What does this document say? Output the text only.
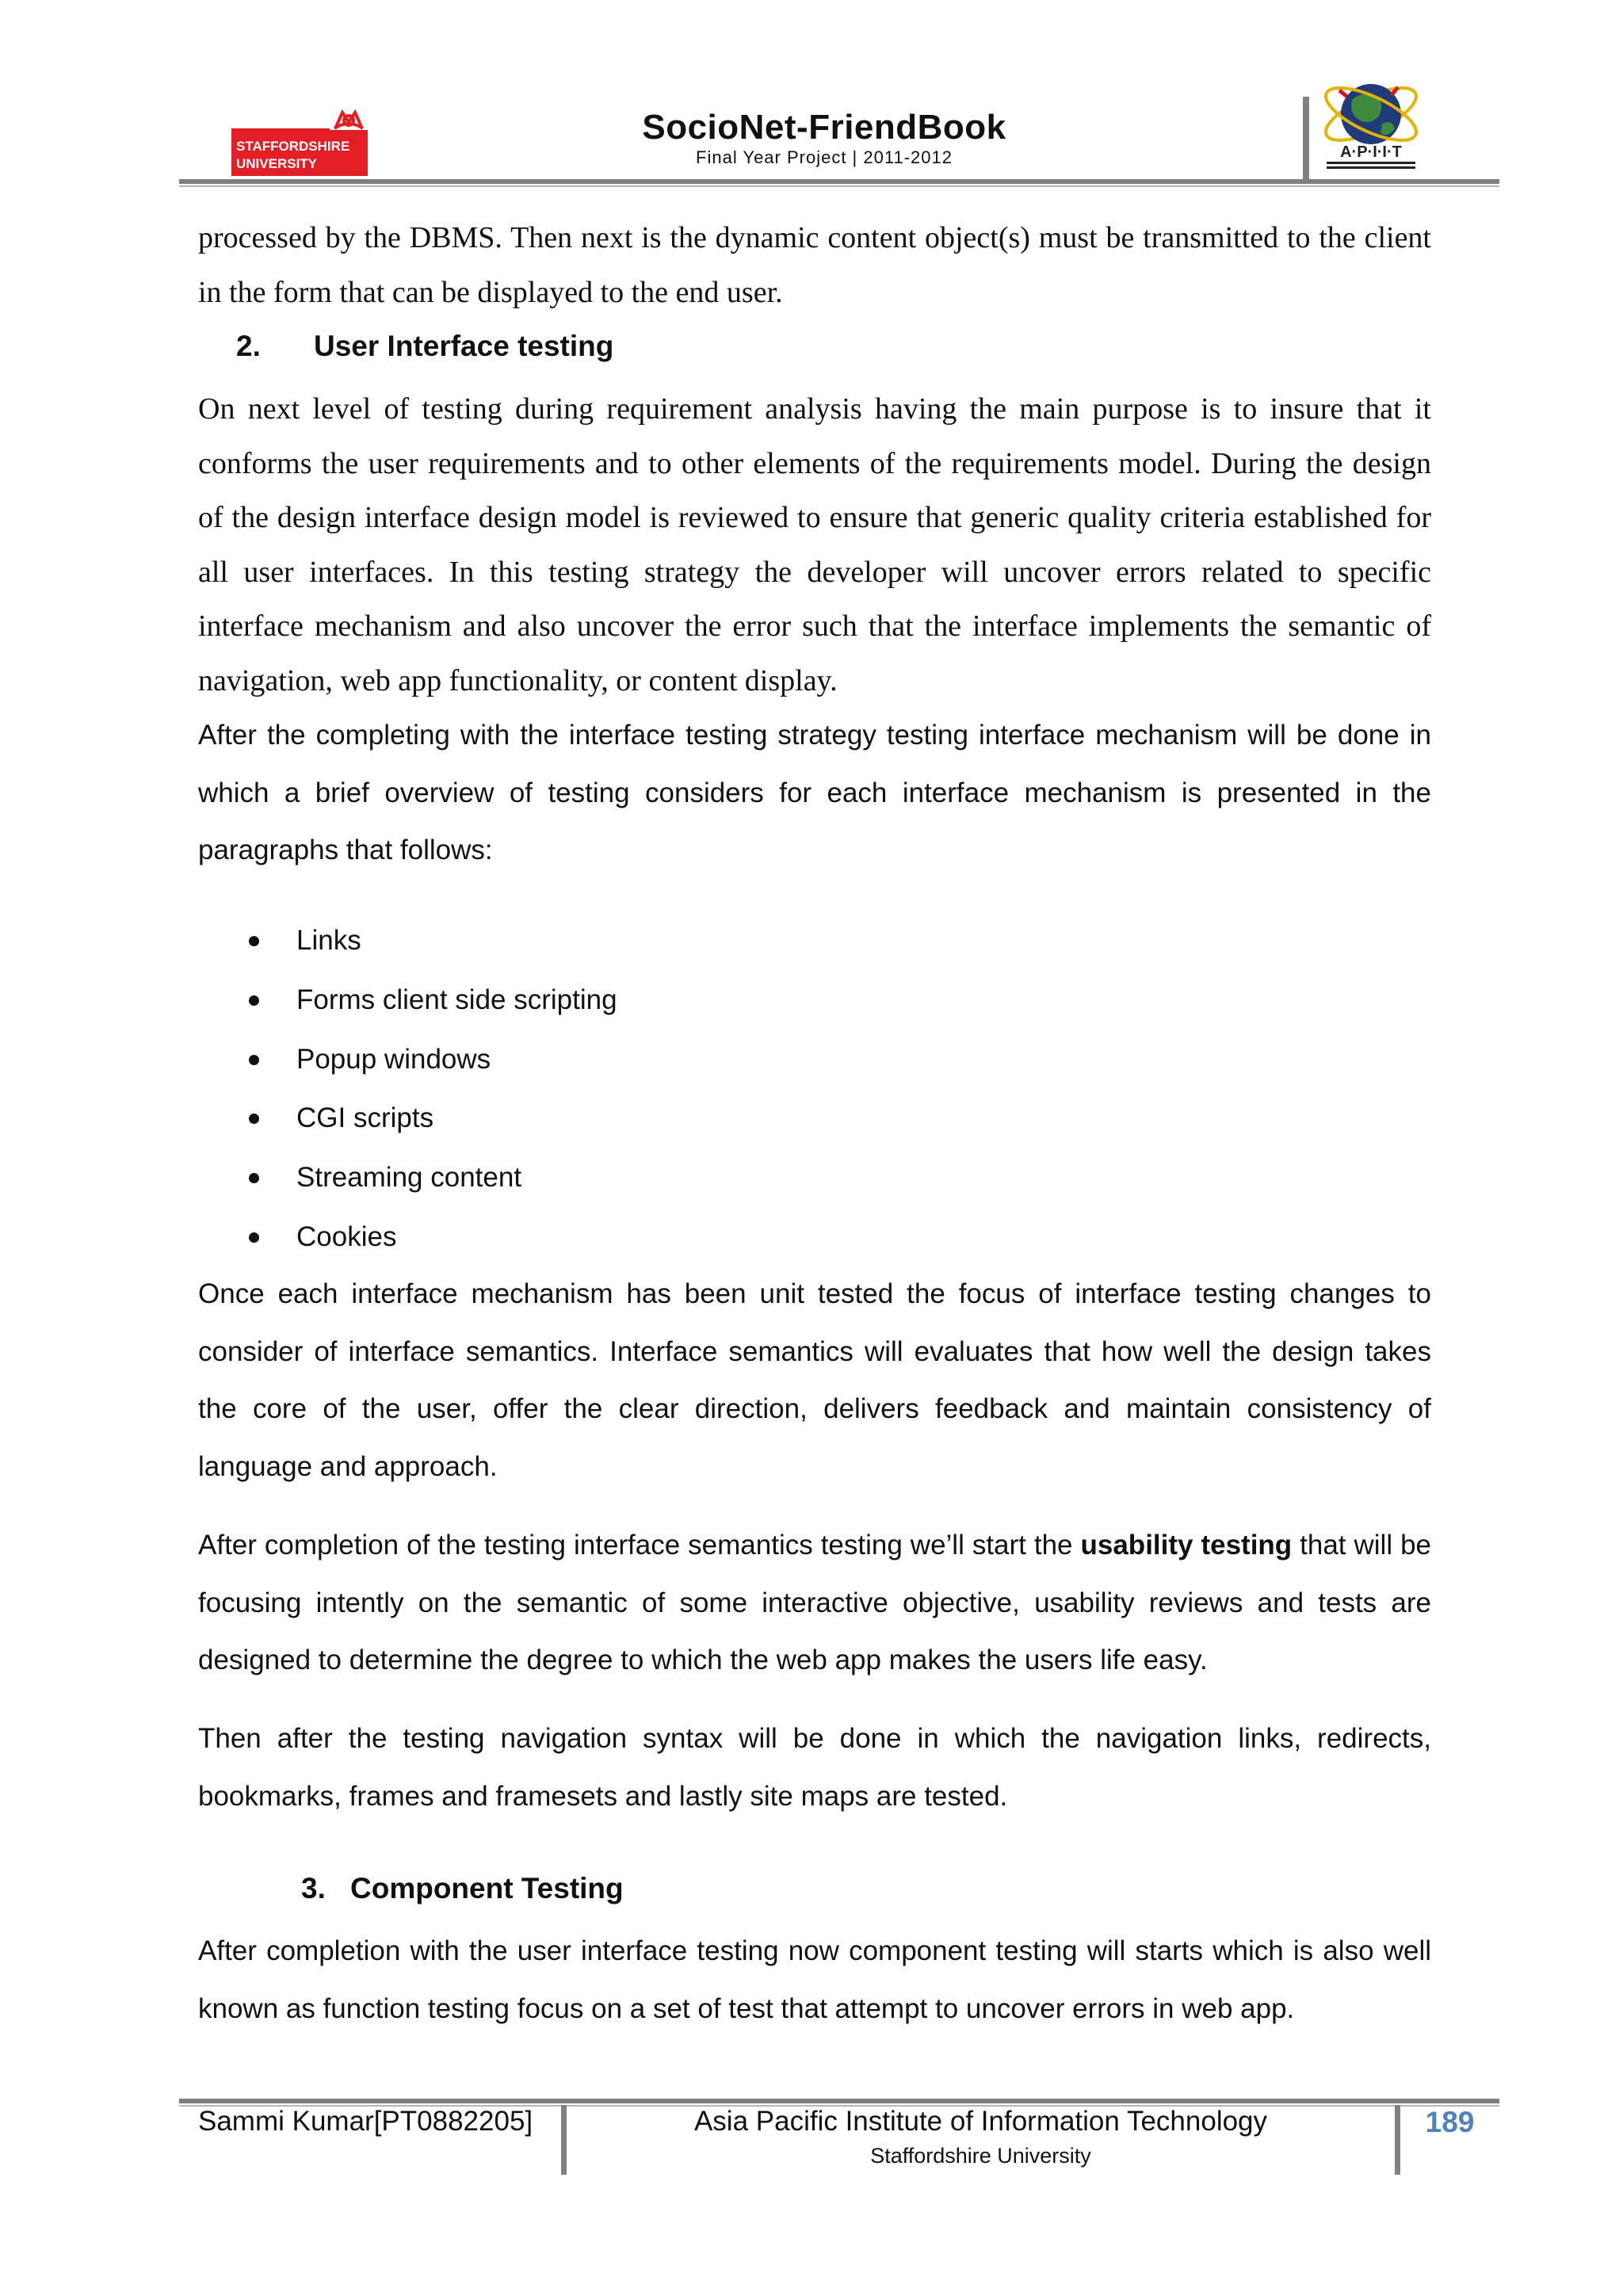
STAFFORDSHIRE
UNIVERSITY
SocioNet-FriendBook
Final Year Project | 2011-2012	A·P·I·I·T

processed by the DBMS. Then next is the dynamic content object(s) must be transmitted to the client in the form that can be displayed to the end user.

2. User Interface testing

On next level of testing during requirement analysis having the main purpose is to insure that it conforms the user requirements and to other elements of the requirements model. During the design of the design interface design model is reviewed to ensure that generic quality criteria established for all user interfaces. In this testing strategy the developer will uncover errors related to specific interface mechanism and also uncover the error such that the interface implements the semantic of navigation, web app functionality, or content display.

After the completing with the interface testing strategy testing interface mechanism will be done in which a brief overview of testing considers for each interface mechanism is presented in the paragraphs that follows:

Links
Forms client side scripting
Popup windows
CGI scripts
Streaming content
Cookies

Once each interface mechanism has been unit tested the focus of interface testing changes to consider of interface semantics. Interface semantics will evaluates that how well the design takes the core of the user, offer the clear direction, delivers feedback and maintain consistency of language and approach.

After completion of the testing interface semantics testing we’ll start the usability testing that will be focusing intently on the semantic of some interactive objective, usability reviews and tests are designed to determine the degree to which the web app makes the users life easy.

Then after the testing navigation syntax will be done in which the navigation links, redirects, bookmarks, frames and framesets and lastly site maps are tested.

3. Component Testing

After completion with the user interface testing now component testing will starts which is also well known as function testing focus on a set of test that attempt to uncover errors in web app.

Sammi Kumar[PT0882205]	Asia Pacific Institute of Information Technology
Staffordshire University
189
